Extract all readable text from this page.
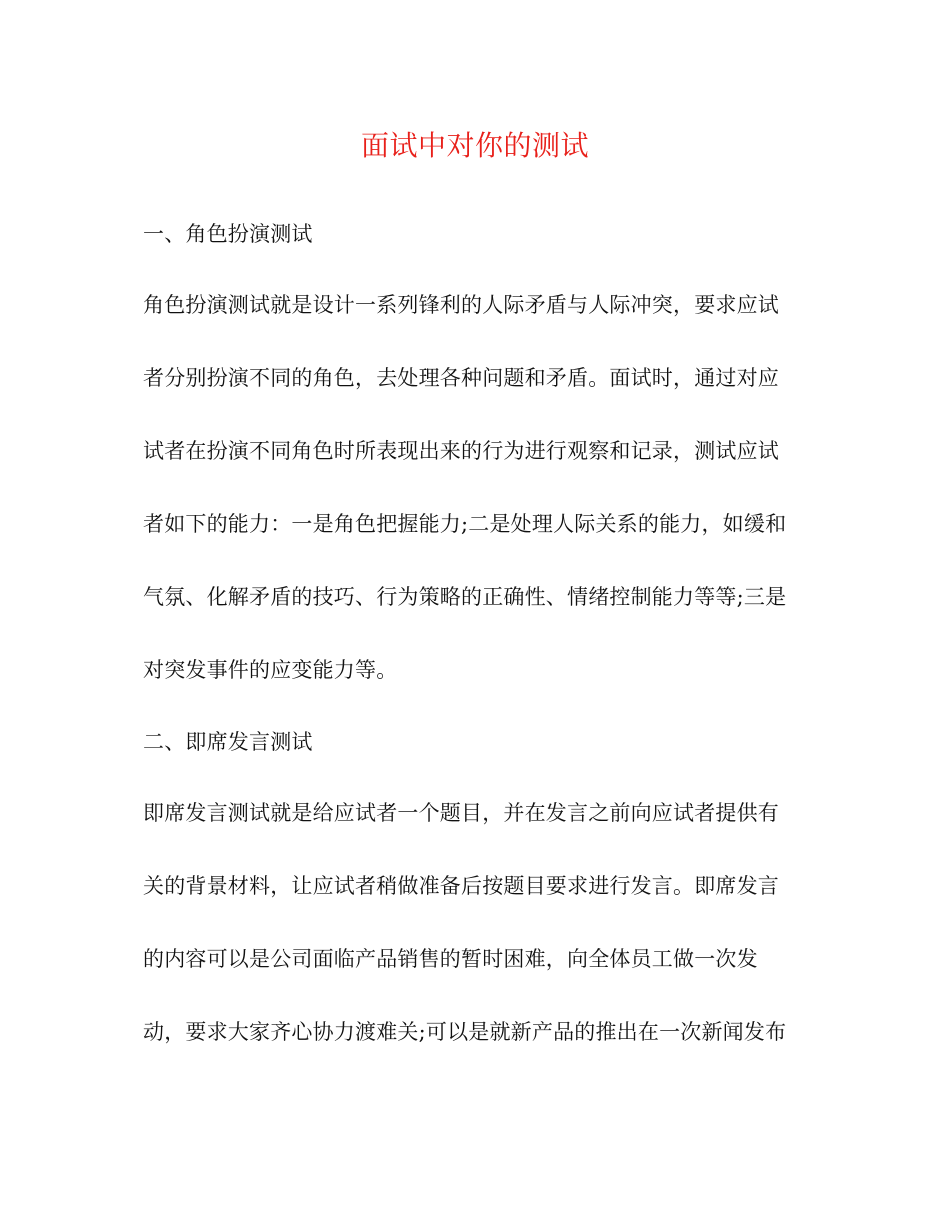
面试中对你的测试
一、角色扮演测试
角色扮演测试就是设计一系列锋利的人际矛盾与人际冲突，要求应试
者分别扮演不同的角色，去处理各种问题和矛盾。面试时，通过对应
试者在扮演不同角色时所表现出来的行为进行观察和记录，测试应试
者如下的能力：一是角色把握能力;二是处理人际关系的能力，如缓和
气氛、化解矛盾的技巧、行为策略的正确性、情绪控制能力等等;三是
对突发事件的应变能力等。
二、即席发言测试
即席发言测试就是给应试者一个题目，并在发言之前向应试者提供有
关的背景材料，让应试者稍做准备后按题目要求进行发言。即席发言
的内容可以是公司面临产品销售的暂时困难，向全体员工做一次发
动，要求大家齐心协力渡难关;可以是就新产品的推出在一次新闻发布
